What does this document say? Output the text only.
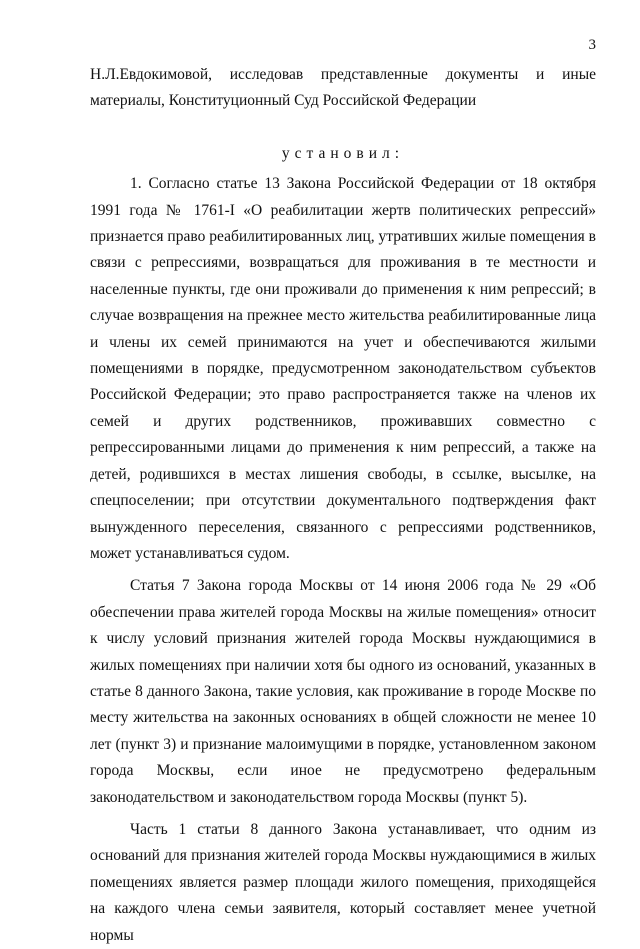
3

Н.Л.Евдокимовой, исследовав представленные документы и иные материалы, Конституционный Суд Российской Федерации

установил:

1. Согласно статье 13 Закона Российской Федерации от 18 октября 1991 года № 1761-I «О реабилитации жертв политических репрессий» признается право реабилитированных лиц, утративших жилые помещения в связи с репрессиями, возвращаться для проживания в те местности и населенные пункты, где они проживали до применения к ним репрессий; в случае возвращения на прежнее место жительства реабилитированные лица и члены их семей принимаются на учет и обеспечиваются жилыми помещениями в порядке, предусмотренном законодательством субъектов Российской Федерации; это право распространяется также на членов их семей и других родственников, проживавших совместно с репрессированными лицами до применения к ним репрессий, а также на детей, родившихся в местах лишения свободы, в ссылке, высылке, на спецпоселении; при отсутствии документального подтверждения факт вынужденного переселения, связанного с репрессиями родственников, может устанавливаться судом.

Статья 7 Закона города Москвы от 14 июня 2006 года № 29 «Об обеспечении права жителей города Москвы на жилые помещения» относит к числу условий признания жителей города Москвы нуждающимися в жилых помещениях при наличии хотя бы одного из оснований, указанных в статье 8 данного Закона, такие условия, как проживание в городе Москве по месту жительства на законных основаниях в общей сложности не менее 10 лет (пункт 3) и признание малоимущими в порядке, установленном законом города Москвы, если иное не предусмотрено федеральным законодательством и законодательством города Москвы (пункт 5).

Часть 1 статьи 8 данного Закона устанавливает, что одним из оснований для признания жителей города Москвы нуждающимися в жилых помещениях является размер площади жилого помещения, приходящейся на каждого члена семьи заявителя, который составляет менее учетной нормы
